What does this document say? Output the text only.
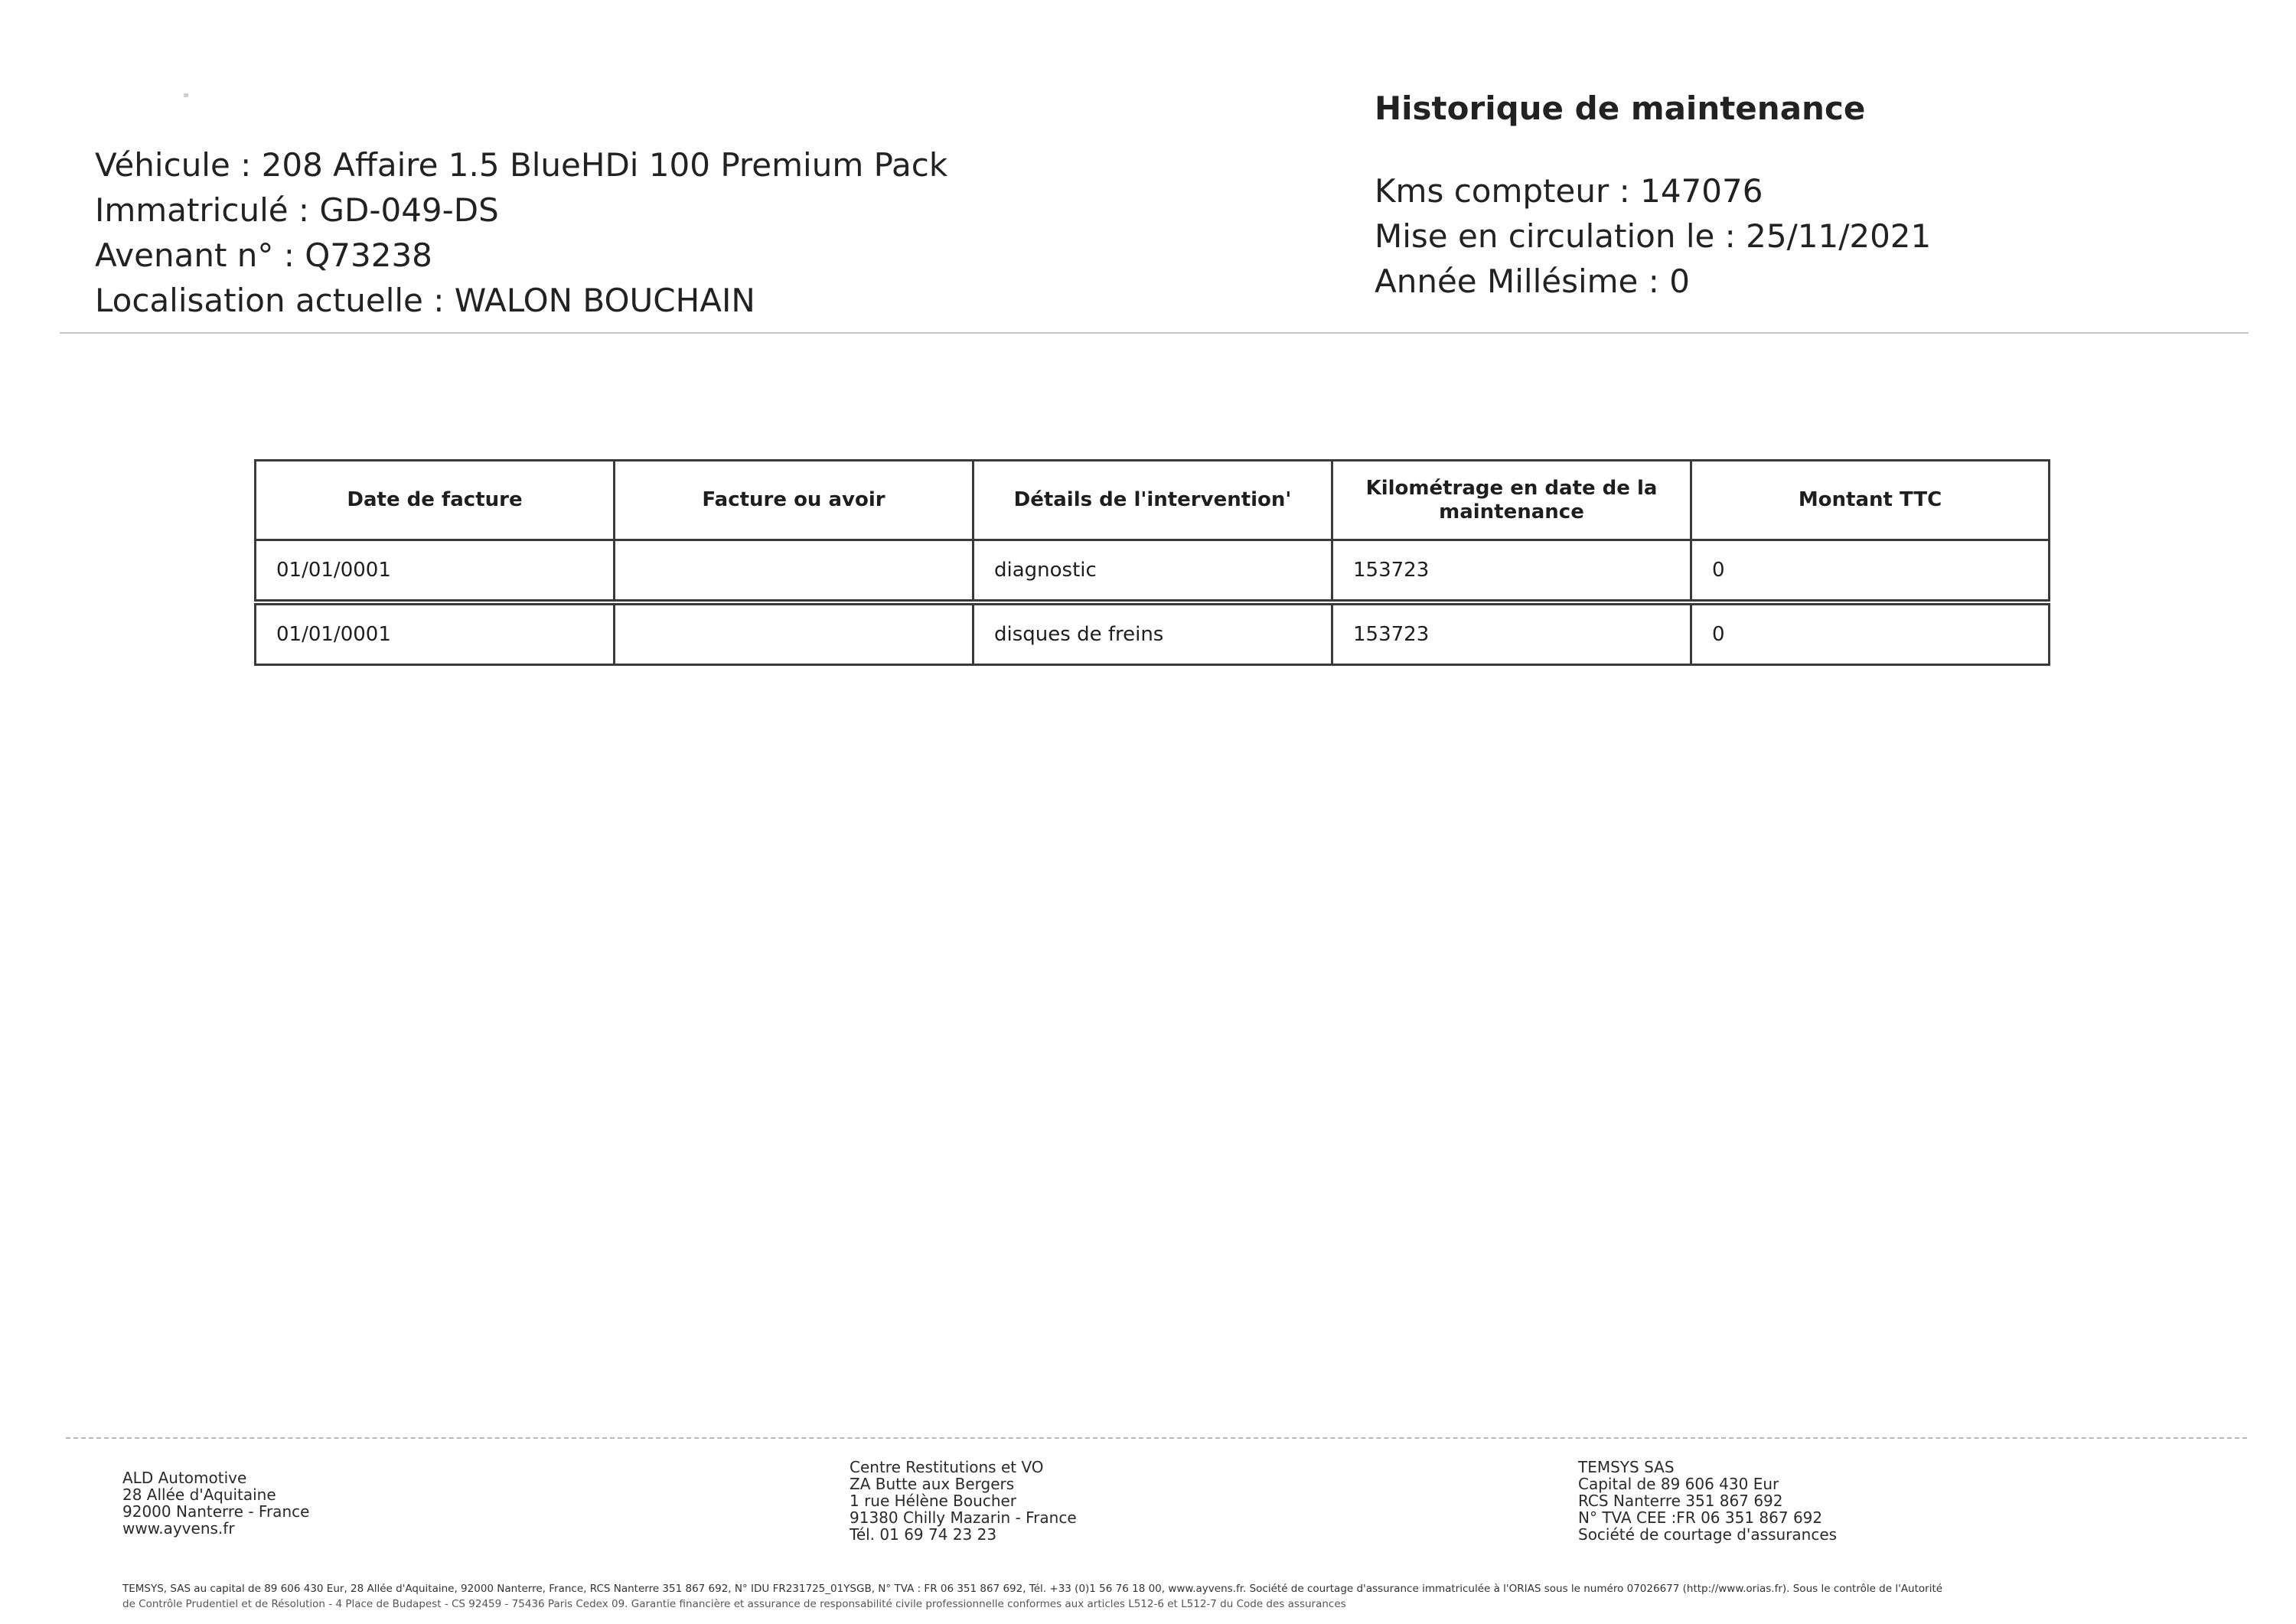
Véhicule : 208 Affaire 1.5 BlueHDi 100 Premium Pack
Immatriculé : GD-049-DS
Avenant n° : Q73238
Localisation actuelle : WALON BOUCHAIN
Historique de maintenance
Kms compteur : 147076
Mise en circulation le : 25/11/2021
Année Millésime : 0
Date de facture	Facture ou avoir	Détails de l'intervention'	Kilométrage en date de la maintenance	Montant TTC
01/01/0001		diagnostic	153723	0
01/01/0001		disques de freins	153723	0
ALD Automotive
28 Allée d'Aquitaine
92000 Nanterre - France
www.ayvens.fr
Centre Restitutions et VO
ZA Butte aux Bergers
1 rue Hélène Boucher
91380 Chilly Mazarin - France
Tél. 01 69 74 23 23
TEMSYS SAS
Capital de 89 606 430 Eur
RCS Nanterre 351 867 692
N° TVA CEE :FR 06 351 867 692
Société de courtage d'assurances
TEMSYS, SAS au capital de 89 606 430 Eur, 28 Allée d'Aquitaine, 92000 Nanterre, France, RCS Nanterre 351 867 692, N° IDU FR231725_01YSGB, N° TVA : FR 06 351 867 692, Tél. +33 (0)1 56 76 18 00, www.ayvens.fr. Société de courtage d'assurance immatriculée à l'ORIAS sous le numéro 07026677 (http://www.orias.fr). Sous le contrôle de l'Autorité
de Contrôle Prudentiel et de Résolution - 4 Place de Budapest - CS 92459 - 75436 Paris Cedex 09. Garantie financière et assurance de responsabilité civile professionnelle conformes aux articles L512-6 et L512-7 du Code des assurances
